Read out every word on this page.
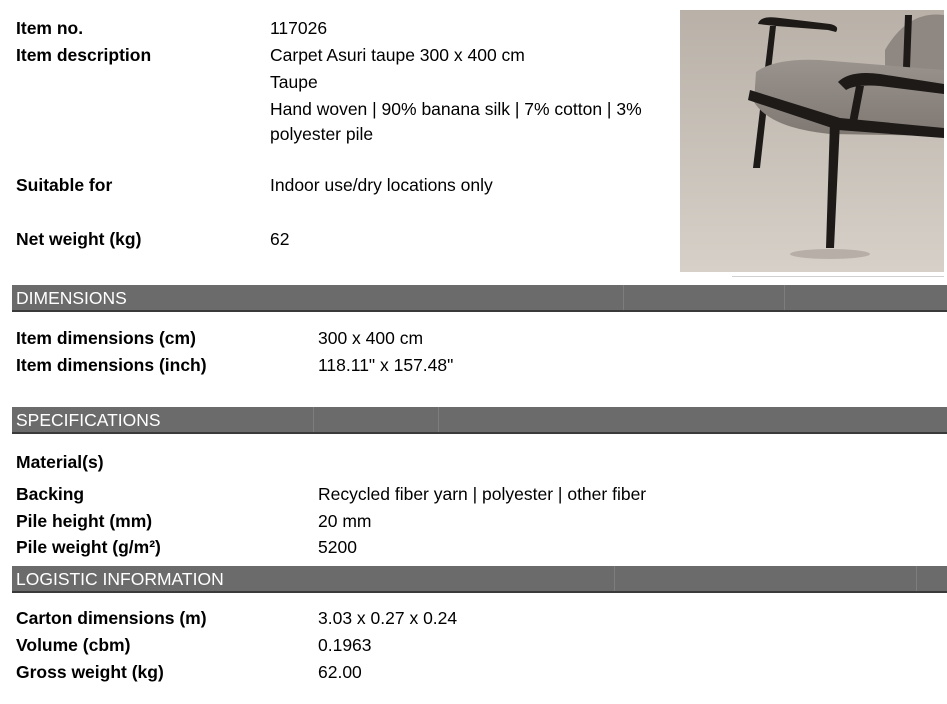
Item no.	117026
Item description	Carpet Asuri taupe 300 x 400 cm
Taupe
Hand woven | 90% banana silk | 7% cotton | 3%
polyester pile
Suitable for	Indoor use/dry locations only
Net weight (kg)	62
DIMENSIONS
Item dimensions (cm)	300 x 400 cm
Item dimensions (inch)	118.11" x 157.48"
SPECIFICATIONS
Material(s)
Backing	Recycled fiber yarn | polyester | other fiber
Pile height (mm)	20 mm
Pile weight (g/m²)	5200
LOGISTIC INFORMATION
Carton dimensions (m)	3.03 x 0.27 x 0.24
Volume (cbm)	0.1963
Gross weight (kg)	62.00
